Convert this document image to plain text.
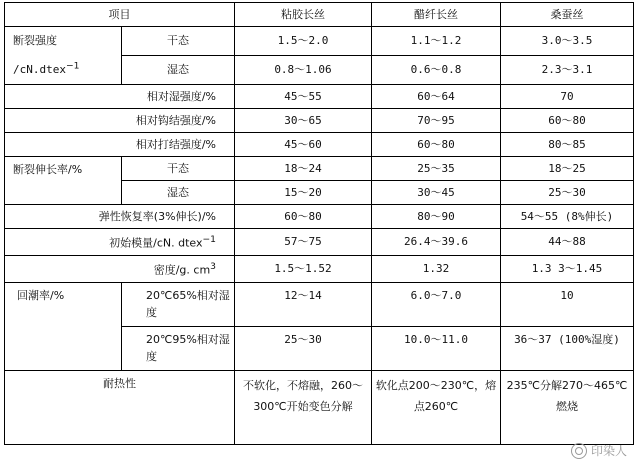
项目		粘胶长丝	醋纤长丝	桑蚕丝

断裂强度
/cN.dtex$^{-1}$	干态	1.5～2.0	1.1～1.2	3.0～3.5
	湿态	0.8～1.06	0.6～0.8	2.3～3.1
相对湿强度/%		45～55	60～64	70
相对钩结强度/%		30～65	70～95	60～80
相对打结强度/%		45～60	60～80	80～85
断裂伸长率/%	干态	18～24	25～35	18～25
	湿态	15～20	30～45	25～30
弹性恢复率(3%伸长)/%		60～80	80～90	54～55 (8%伸长)
初始模量/cN. dtex$^{-1}$		57～75	26.4～39.6	44～88
密度/g. $cm^3$		1.5～1.52	1.32	1.3 3～1.45
回潮率/%	20℃65%相对湿度	12～14	6.0～7.0	10
	20℃95%相对湿度	25～30	10.0～11.0	36～37 (100%湿度)
耐热性		不软化，不熔融，260～300℃开始变色分解	软化点200～230℃，熔点260℃	235℃分解270～465℃燃烧
印染人
